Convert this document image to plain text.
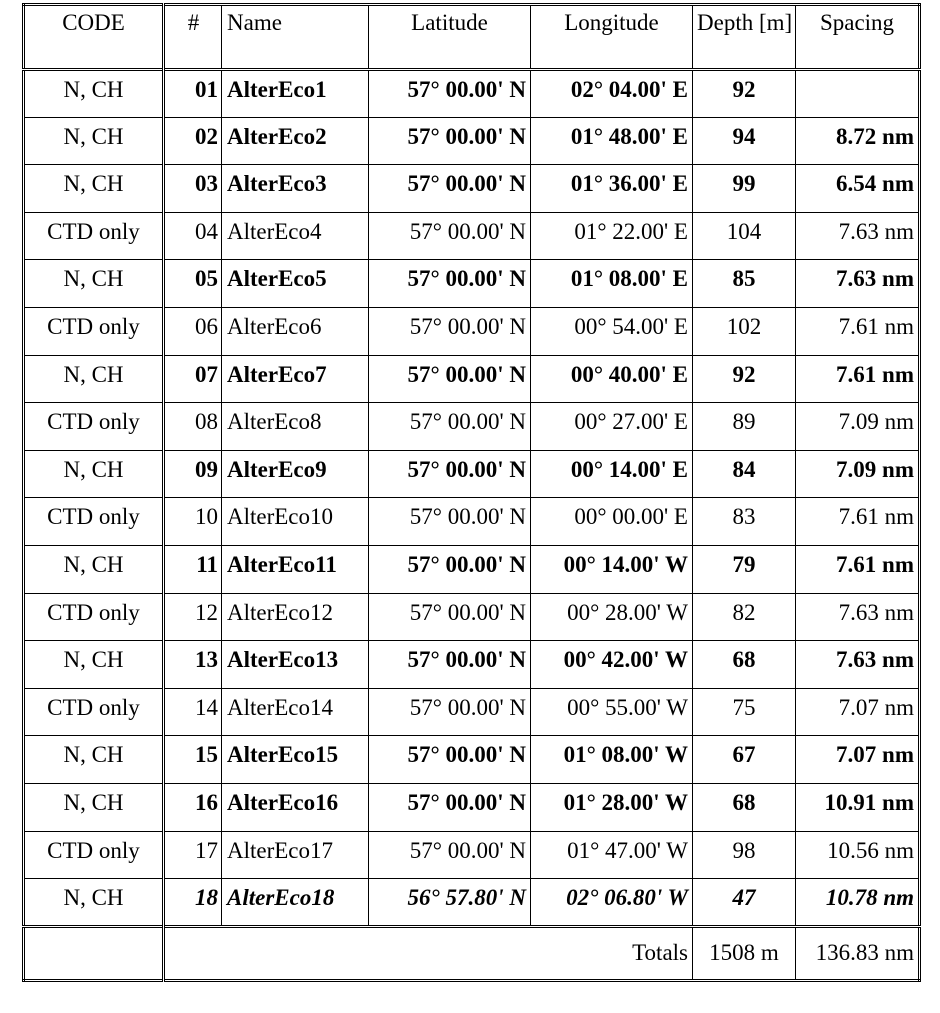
CODE	#	Name	Latitude	Longitude	Depth [m]	Spacing
N, CH	01	AlterEco1	57° 00.00' N	02° 04.00' E	92	
N, CH	02	AlterEco2	57° 00.00' N	01° 48.00' E	94	8.72 nm
N, CH	03	AlterEco3	57° 00.00' N	01° 36.00' E	99	6.54 nm
CTD only	04	AlterEco4	57° 00.00' N	01° 22.00' E	104	7.63 nm
N, CH	05	AlterEco5	57° 00.00' N	01° 08.00' E	85	7.63 nm
CTD only	06	AlterEco6	57° 00.00' N	00° 54.00' E	102	7.61 nm
N, CH	07	AlterEco7	57° 00.00' N	00° 40.00' E	92	7.61 nm
CTD only	08	AlterEco8	57° 00.00' N	00° 27.00' E	89	7.09 nm
N, CH	09	AlterEco9	57° 00.00' N	00° 14.00' E	84	7.09 nm
CTD only	10	AlterEco10	57° 00.00' N	00° 00.00' E	83	7.61 nm
N, CH	11	AlterEco11	57° 00.00' N	00° 14.00' W	79	7.61 nm
CTD only	12	AlterEco12	57° 00.00' N	00° 28.00' W	82	7.63 nm
N, CH	13	AlterEco13	57° 00.00' N	00° 42.00' W	68	7.63 nm
CTD only	14	AlterEco14	57° 00.00' N	00° 55.00' W	75	7.07 nm
N, CH	15	AlterEco15	57° 00.00' N	01° 08.00' W	67	7.07 nm
N, CH	16	AlterEco16	57° 00.00' N	01° 28.00' W	68	10.91 nm
CTD only	17	AlterEco17	57° 00.00' N	01° 47.00' W	98	10.56 nm
N, CH	18	AlterEco18	56° 57.80' N	02° 06.80' W	47	10.78 nm
	Totals				1508 m	136.83 nm
